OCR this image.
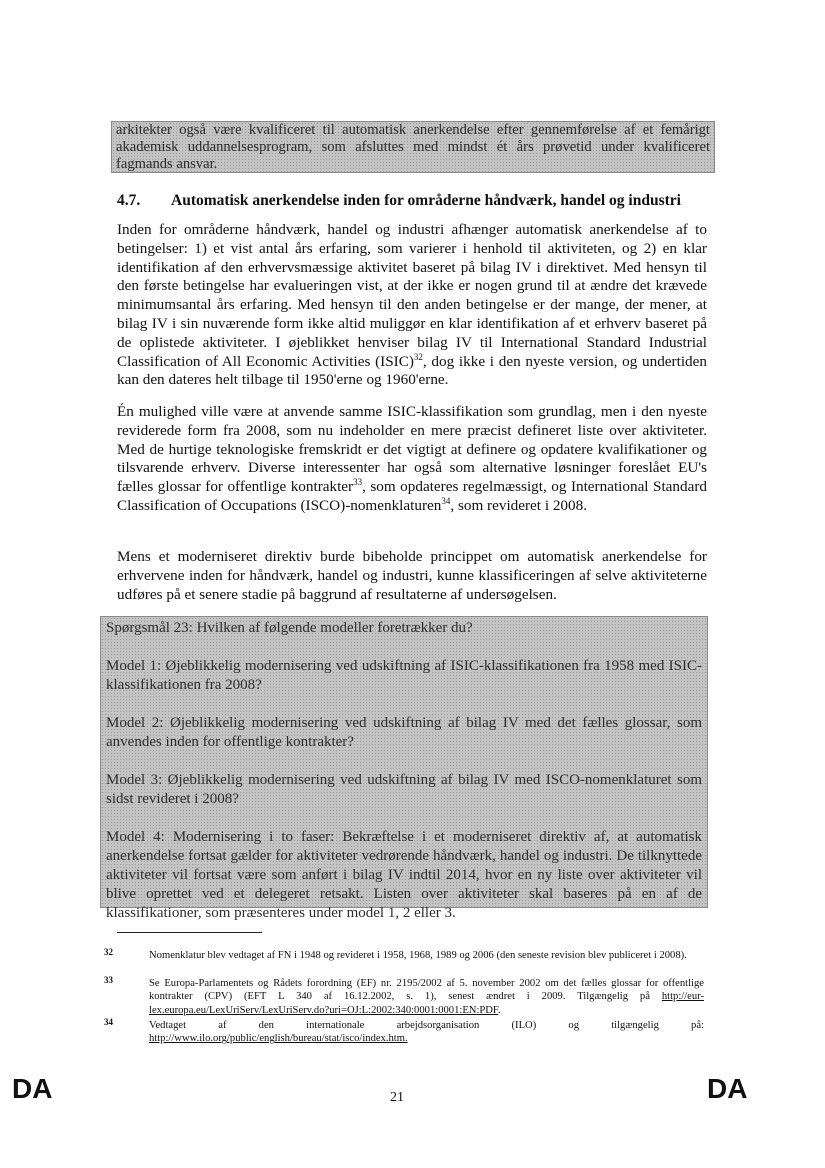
arkitekter også være kvalificeret til automatisk anerkendelse efter gennemførelse af et femårigt akademisk uddannelsesprogram, som afsluttes med mindst ét års prøvetid under kvalificeret fagmands ansvar.

4.7. Automatisk anerkendelse inden for områderne håndværk, handel og industri

Inden for områderne håndværk, handel og industri afhænger automatisk anerkendelse af to betingelser: 1) et vist antal års erfaring, som varierer i henhold til aktiviteten, og 2) en klar identifikation af den erhvervsmæssige aktivitet baseret på bilag IV i direktivet. Med hensyn til den første betingelse har evalueringen vist, at der ikke er nogen grund til at ændre det krævede minimumsantal års erfaring. Med hensyn til den anden betingelse er der mange, der mener, at bilag IV i sin nuværende form ikke altid muliggør en klar identifikation af et erhverv baseret på de oplistede aktiviteter. I øjeblikket henviser bilag IV til International Standard Industrial Classification of All Economic Activities (ISIC)$^{32}$, dog ikke i den nyeste version, og undertiden kan den dateres helt tilbage til 1950'erne og 1960'erne.

Én mulighed ville være at anvende samme ISIC-klassifikation som grundlag, men i den nyeste reviderede form fra 2008, som nu indeholder en mere præcist defineret liste over aktiviteter. Med de hurtige teknologiske fremskridt er det vigtigt at definere og opdatere kvalifikationer og tilsvarende erhverv. Diverse interessenter har også som alternative løsninger foreslået EU's fælles glossar for offentlige kontrakter$^{33}$, som opdateres regelmæssigt, og International Standard Classification of Occupations (ISCO)-nomenklaturen$^{34}$, som revideret i 2008.

Mens et moderniseret direktiv burde bibeholde princippet om automatisk anerkendelse for erhvervene inden for håndværk, handel og industri, kunne klassificeringen af selve aktiviteterne udføres på et senere stadie på baggrund af resultaterne af undersøgelsen.

Spørgsmål 23: Hvilken af følgende modeller foretrækker du?

Model 1: Øjeblikkelig modernisering ved udskiftning af ISIC-klassifikationen fra 1958 med ISIC-klassifikationen fra 2008?

Model 2: Øjeblikkelig modernisering ved udskiftning af bilag IV med det fælles glossar, som anvendes inden for offentlige kontrakter?

Model 3: Øjeblikkelig modernisering ved udskiftning af bilag IV med ISCO-nomenklaturet som sidst revideret i 2008?

Model 4: Modernisering i to faser: Bekræftelse i et moderniseret direktiv af, at automatisk anerkendelse fortsat gælder for aktiviteter vedrørende håndværk, handel og industri. De tilknyttede aktiviteter vil fortsat være som anført i bilag IV indtil 2014, hvor en ny liste over aktiviteter vil blive oprettet ved et delegeret retsakt. Listen over aktiviteter skal baseres på en af de klassifikationer, som præsenteres under model 1, 2 eller 3.

32	Nomenklatur blev vedtaget af FN i 1948 og revideret i 1958, 1968, 1989 og 2006 (den seneste revision blev publiceret i 2008).
33	Se Europa-Parlamentets og Rådets forordning (EF) nr. 2195/2002 af 5. november 2002 om det fælles glossar for offentlige kontrakter (CPV) (EFT L 340 af 16.12.2002, s. 1), senest ændret i 2009. Tilgængelig på http://eur-lex.europa.eu/LexUriServ/LexUriServ.do?uri=OJ:L:2002:340:0001:0001:EN:PDF.
34	Vedtaget af den internationale arbejdsorganisation (ILO) og tilgængelig på:
http://www.ilo.org/public/english/bureau/stat/isco/index.htm.
DA	21	DA
